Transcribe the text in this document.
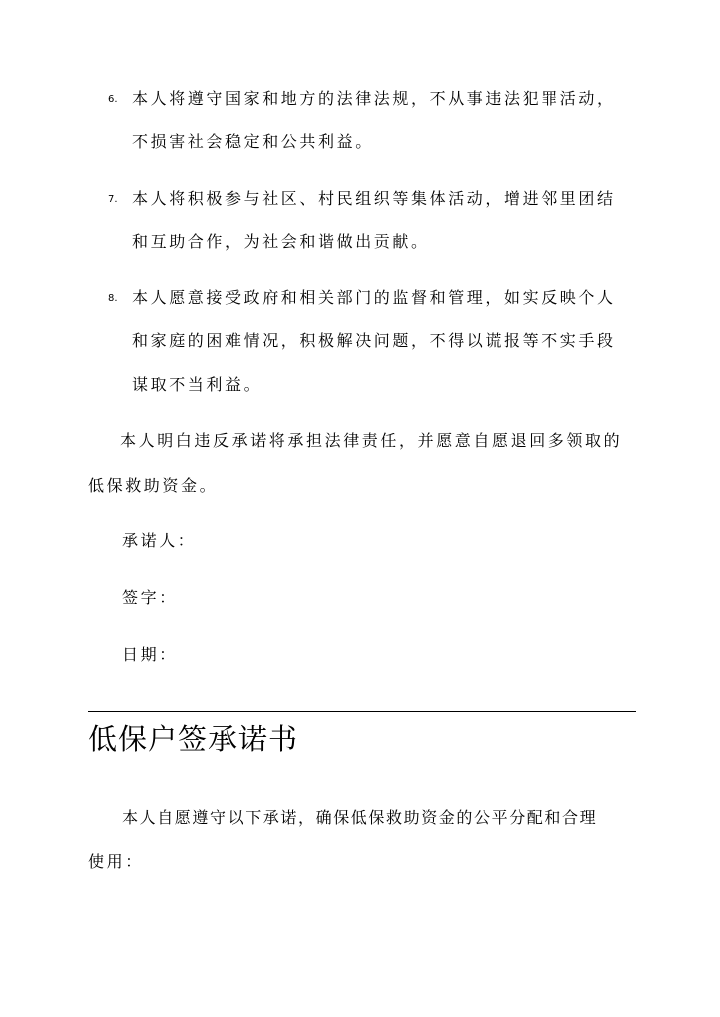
6. 本人将遵守国家和地方的法律法规，不从事违法犯罪活动，
不损害社会稳定和公共利益。
7. 本人将积极参与社区、村民组织等集体活动，增进邻里团结
和互助合作，为社会和谐做出贡献。
8. 本人愿意接受政府和相关部门的监督和管理，如实反映个人
和家庭的困难情况，积极解决问题，不得以谎报等不实手段
谋取不当利益。
本人明白违反承诺将承担法律责任，并愿意自愿退回多领取的
低保救助资金。
承诺人：
签字：
日期：
低保户签承诺书
本人自愿遵守以下承诺，确保低保救助资金的公平分配和合理
使用：
